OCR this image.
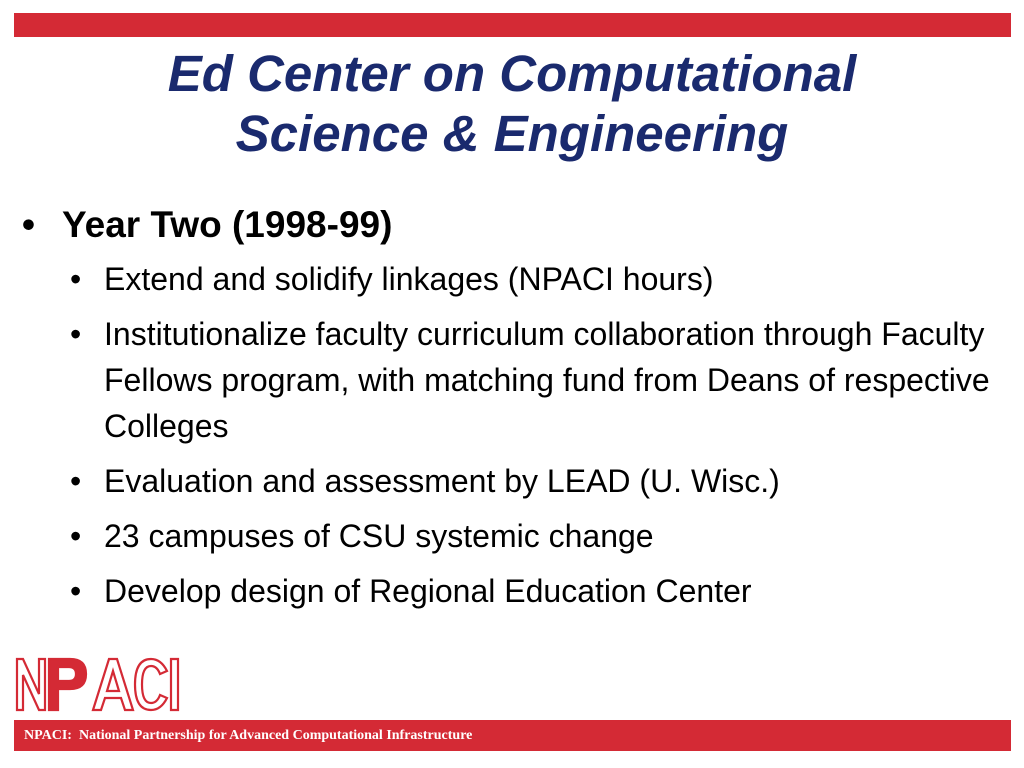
Ed Center on Computational
Science & Engineering
• Year Two (1998-99)
• Extend and solidify linkages (NPACI hours)
• Institutionalize faculty curriculum collaboration through Faculty Fellows program, with matching fund from Deans of respective Colleges
• Evaluation and assessment by LEAD (U. Wisc.)
• 23 campuses of CSU systemic change
• Develop design of Regional Education Center
NPACI:  National Partnership for Advanced Computational Infrastructure
